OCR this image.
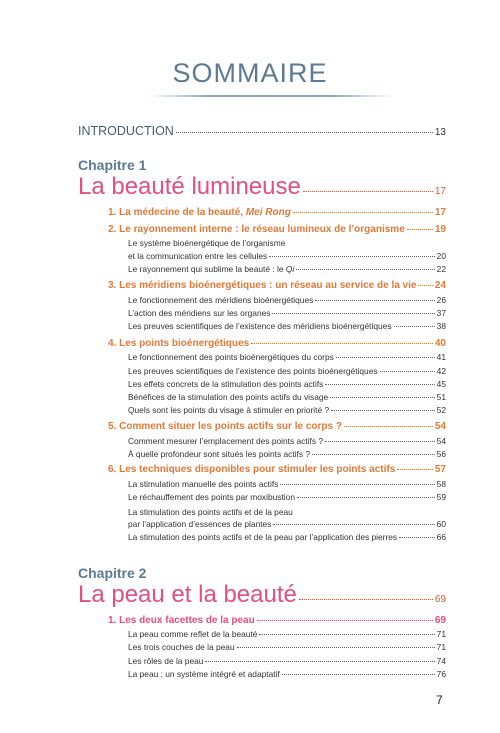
SOMMAIRE
INTRODUCTION	13
Chapitre 1
La beauté lumineuse	17
1. La médecine de la beauté, Mei Rong	17
2. Le rayonnement interne : le réseau lumineux de l’organisme	19
Le système bioénergétique de l’organisme
et la communication entre les cellules	20
Le rayonnement qui sublime la beauté : le Qi	22
3. Les méridiens bioénergétiques : un réseau au service de la vie 24
Le fonctionnement des méridiens bioénergétiques	26
L’action des méridiens sur les organes	37
Les preuves scientifiques de l’existence des méridiens bioénergétiques	38
4. Les points bioénergétiques	40
Le fonctionnement des points bioénergétiques du corps	41
Les preuves scientifiques de l’existence des points bioénergétiques	42
Les effets concrets de la stimulation des points actifs	45
Bénéfices de la stimulation des points actifs du visage	51
Quels sont les points du visage à stimuler en priorité ?	52
5. Comment situer les points actifs sur le corps ?	54
Comment mesurer l’emplacement des points actifs ?	54
À quelle profondeur sont situés les points actifs ?	56
6. Les techniques disponibles pour stimuler les points actifs	57
La stimulation manuelle des points actifs	58
Le réchauffement des points par moxibustion	59
La stimulation des points actifs et de la peau
par l’application d’essences de plantes	60
La stimulation des points actifs et de la peau par l’application des pierres	66
Chapitre 2
La peau et la beauté	69
1. Les deux facettes de la peau	69
La peau comme reflet de la beauté	71
Les trois couches de la peau	71
Les rôles de la peau	74
La peau : un système intégré et adaptatif	76
7
